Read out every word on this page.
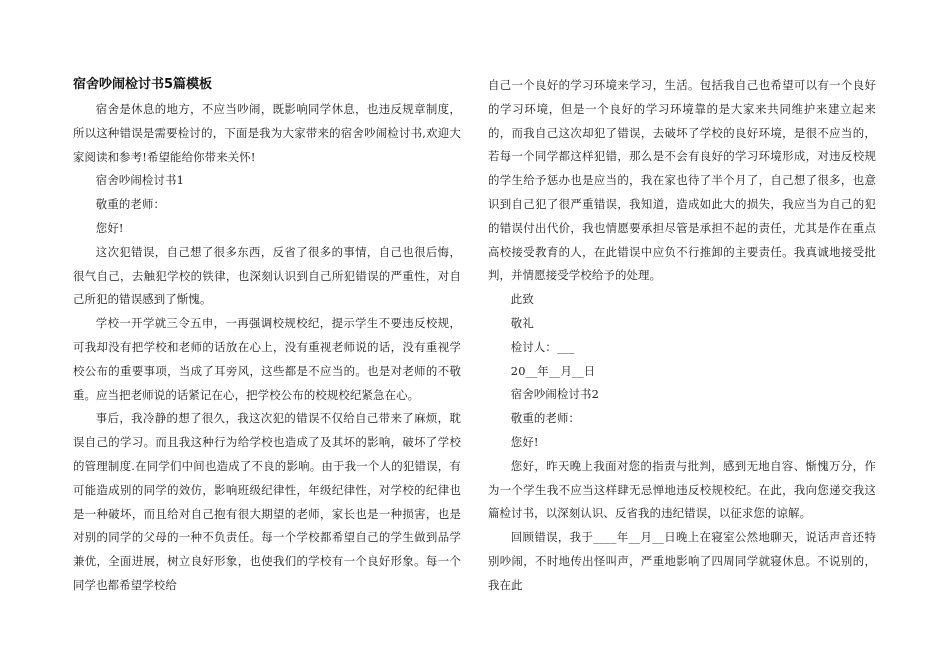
宿舍吵闹检讨书5篇模板

宿舍是休息的地方，不应当吵闹，既影响同学休息，也违反规章制度，所以这种错误是需要检讨的，下面是我为大家带来的宿舍吵闹检讨书,欢迎大家阅读和参考!希望能给你带来关怀!

宿舍吵闹检讨书1

敬重的老师：

您好!

这次犯错误，自己想了很多东西，反省了很多的事情，自己也很后悔，很气自己，去触犯学校的铁律，也深刻认识到自己所犯错误的严重性，对自己所犯的错误感到了惭愧。

学校一开学就三令五申，一再强调校规校纪，提示学生不要违反校规，可我却没有把学校和老师的话放在心上，没有重视老师说的话，没有重视学校公布的重要事项，当成了耳旁风，这些都是不应当的。也是对老师的不敬重。应当把老师说的话紧记在心，把学校公布的校规校纪紧急在心。

事后，我冷静的想了很久，我这次犯的错误不仅给自己带来了麻烦，耽误自己的学习。而且我这种行为给学校也造成了及其坏的影响，破坏了学校的管理制度.在同学们中间也造成了不良的影响。由于我一个人的犯错误，有可能造成别的同学的效仿，影响班级纪律性，年级纪律性，对学校的纪律也是一种破坏，而且给对自己抱有很大期望的老师，家长也是一种损害，也是对别的同学的父母的一种不负责任。每一个学校都希望自己的学生做到品学兼优，全面进展，树立良好形象，也使我们的学校有一个良好形象。每一个同学也都希望学校给

自己一个良好的学习环境来学习，生活。包括我自己也希望可以有一个良好的学习环境，但是一个良好的学习环境靠的是大家来共同维护来建立起来的，而我自己这次却犯了错误，去破坏了学校的良好环境，是很不应当的，若每一个同学都这样犯错，那么是不会有良好的学习环境形成，对违反校规的学生给予惩办也是应当的，我在家也待了半个月了，自己想了很多，也意识到自己犯了很严重错误，我知道，造成如此大的损失，我应当为自己的犯的错误付出代价，我也情愿要承担尽管是承担不起的责任，尤其是作在重点高校接受教育的人，在此错误中应负不行推卸的主要责任。我真诚地接受批判，并情愿接受学校给予的处理。

此致

敬礼

检讨人：___

20__年__月__日

宿舍吵闹检讨书2

敬重的老师：

您好!

您好，昨天晚上我面对您的指责与批判，感到无地自容、惭愧万分，作为一个学生我不应当这样肆无忌惮地违反校规校纪。在此，我向您递交我这篇检讨书，以深刻认识、反省我的违纪错误，以征求您的谅解。

回顾错误，我于____年__月__日晚上在寝室公然地聊天，说话声音还特别吵闹，不时地传出怪叫声，严重地影响了四周同学就寝休息。不说别的，我在此
